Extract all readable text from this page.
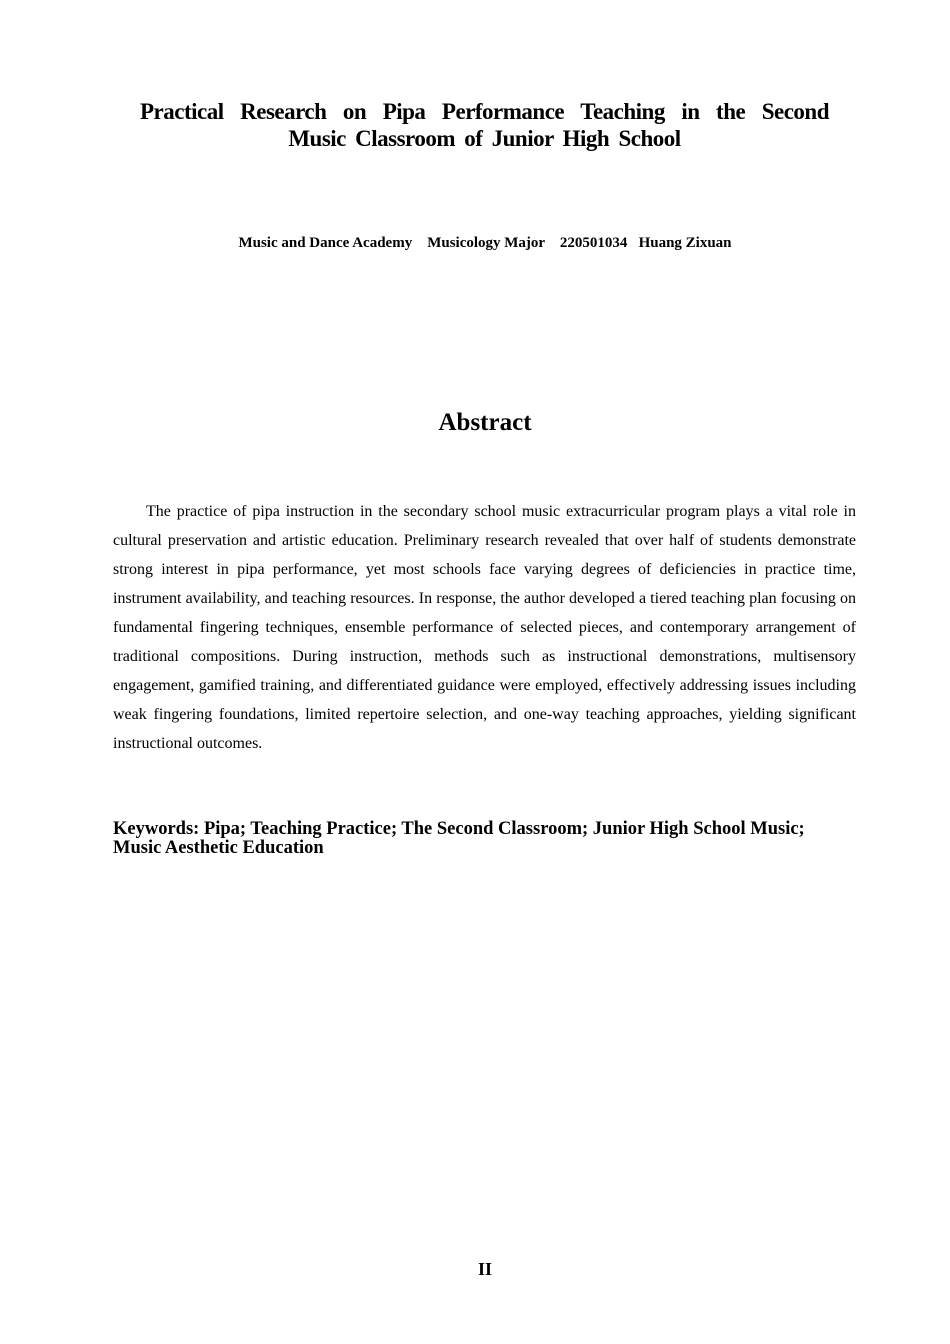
Practical Research on Pipa Performance Teaching in the Second
Music Classroom of Junior High School
Music and Dance Academy    Musicology Major    220501034   Huang Zixuan
Abstract

The practice of pipa instruction in the secondary school music extracurricular program plays a vital role in cultural preservation and artistic education. Preliminary research revealed that over half of students demonstrate strong interest in pipa performance, yet most schools face varying degrees of deficiencies in practice time, instrument availability, and teaching resources. In response, the author developed a tiered teaching plan focusing on fundamental fingering techniques, ensemble performance of selected pieces, and contemporary arrangement of traditional compositions. During instruction, methods such as instructional demonstrations, multisensory engagement, gamified training, and differentiated guidance were employed, effectively addressing issues including weak fingering foundations, limited repertoire selection, and one-way teaching approaches, yielding significant instructional outcomes.

Keywords: Pipa; Teaching Practice; The Second Classroom; Junior High School Music; Music Aesthetic Education

II
